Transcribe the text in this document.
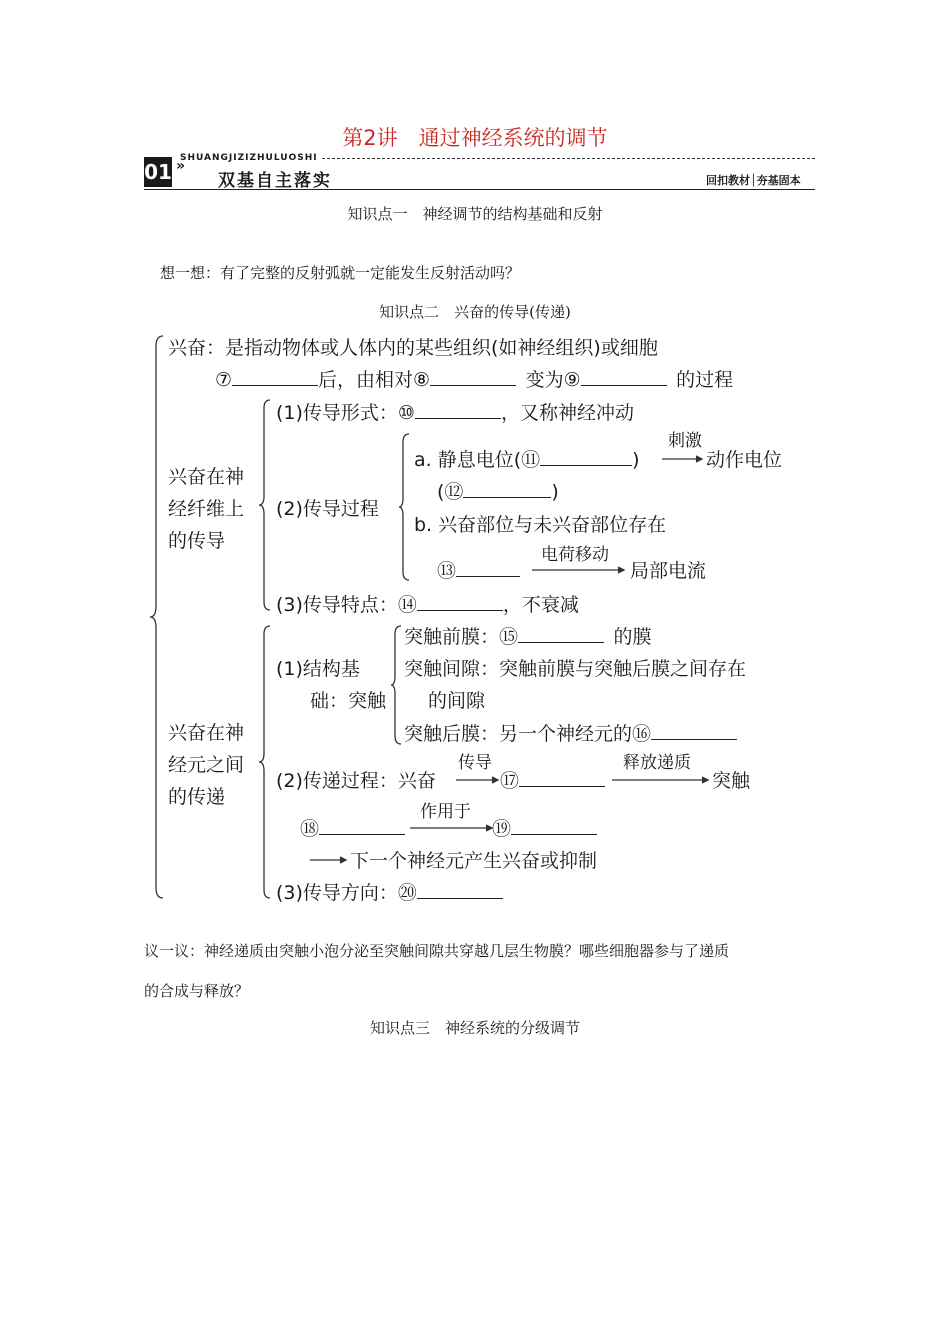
第2讲　通过神经系统的调节
01 »
SHUANGJIZIZHULUOSHI
双基自主落实	回扣教材│夯基固本
知识点一　神经调节的结构基础和反射
想一想：有了完整的反射弧就一定能发生反射活动吗？
知识点二　兴奋的传导(传递)
兴奋：是指动物体或人体内的某些组织(如神经组织)或细胞
⑦	后，由相对⑧ 	变为⑨ 	的过程
兴奋在神
经纤维上
的传导
(1)传导形式：⑩	，又称神经冲动
(2)传导过程
a. 静息电位(⑪	)
刺激
动作电位
(⑫	)
b. 兴奋部位与未兴奋部位存在
⑬
电荷移动
局部电流
(3)传导特点：⑭	，不衰减
兴奋在神
经元之间
的传递
(1)结构基
础：突触
突触前膜：⑮ 	的膜
突触间隙：突触前膜与突触后膜之间存在
的间隙
突触后膜：另一个神经元的⑯
(2)传递过程：兴奋
传导
⑰
释放递质
突触
⑱
作用于
⑲
下一个神经元产生兴奋或抑制
(3)传导方向：⑳
议一议：神经递质由突触小泡分泌至突触间隙共穿越几层生物膜？哪些细胞器参与了递质
的合成与释放？
知识点三　神经系统的分级调节
